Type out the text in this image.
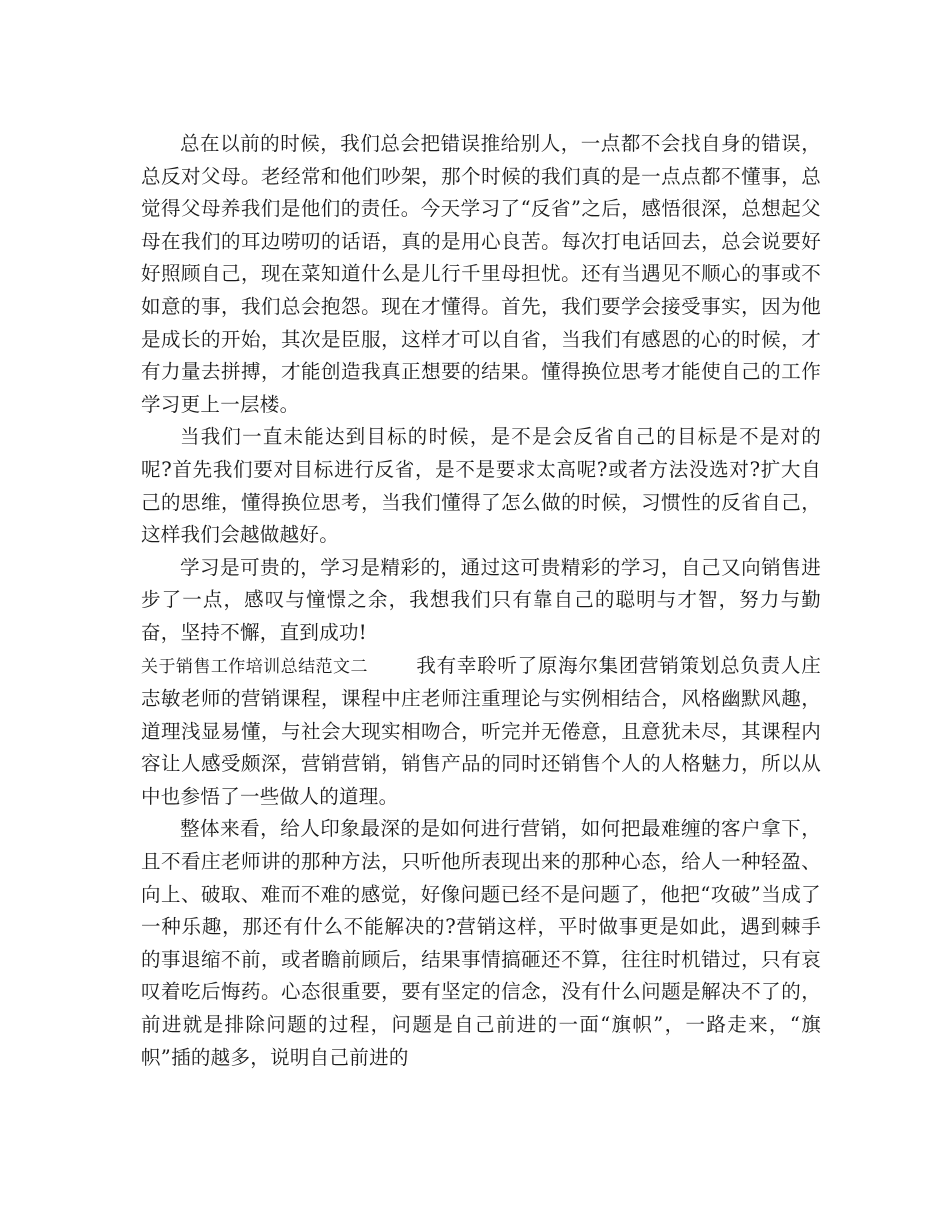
总在以前的时候，我们总会把错误推给别人，一点都不会找自身的错误，总反对父母。老经常和他们吵架，那个时候的我们真的是一点点都不懂事，总觉得父母养我们是他们的责任。今天学习了“反省”之后，感悟很深，总想起父母在我们的耳边唠叨的话语，真的是用心良苦。每次打电话回去，总会说要好好照顾自己，现在菜知道什么是儿行千里母担忧。还有当遇见不顺心的事或不如意的事，我们总会抱怨。现在才懂得。首先，我们要学会接受事实，因为他是成长的开始，其次是臣服，这样才可以自省，当我们有感恩的心的时候，才有力量去拼搏，才能创造我真正想要的结果。懂得换位思考才能使自己的工作学习更上一层楼。

当我们一直未能达到目标的时候，是不是会反省自己的目标是不是对的呢?首先我们要对目标进行反省，是不是要求太高呢?或者方法没选对?扩大自己的思维，懂得换位思考，当我们懂得了怎么做的时候，习惯性的反省自己，这样我们会越做越好。

学习是可贵的，学习是精彩的，通过这可贵精彩的学习，自己又向销售进步了一点，感叹与憧憬之余，我想我们只有靠自己的聪明与才智，努力与勤奋，坚持不懈，直到成功!

关于销售工作培训总结范文二 我有幸聆听了原海尔集团营销策划总负责人庄志敏老师的营销课程，课程中庄老师注重理论与实例相结合，风格幽默风趣，道理浅显易懂，与社会大现实相吻合，听完并无倦意，且意犹未尽，其课程内容让人感受颇深，营销营销，销售产品的同时还销售个人的人格魅力，所以从中也参悟了一些做人的道理。

整体来看，给人印象最深的是如何进行营销，如何把最难缠的客户拿下，且不看庄老师讲的那种方法，只听他所表现出来的那种心态，给人一种轻盈、向上、破取、难而不难的感觉，好像问题已经不是问题了，他把“攻破”当成了一种乐趣，那还有什么不能解决的?营销这样，平时做事更是如此，遇到棘手的事退缩不前，或者瞻前顾后，结果事情搞砸还不算，往往时机错过，只有哀叹着吃后悔药。心态很重要，要有坚定的信念，没有什么问题是解决不了的，前进就是排除问题的过程，问题是自己前进的一面“旗帜”，一路走来，“旗帜”插的越多，说明自己前进的
